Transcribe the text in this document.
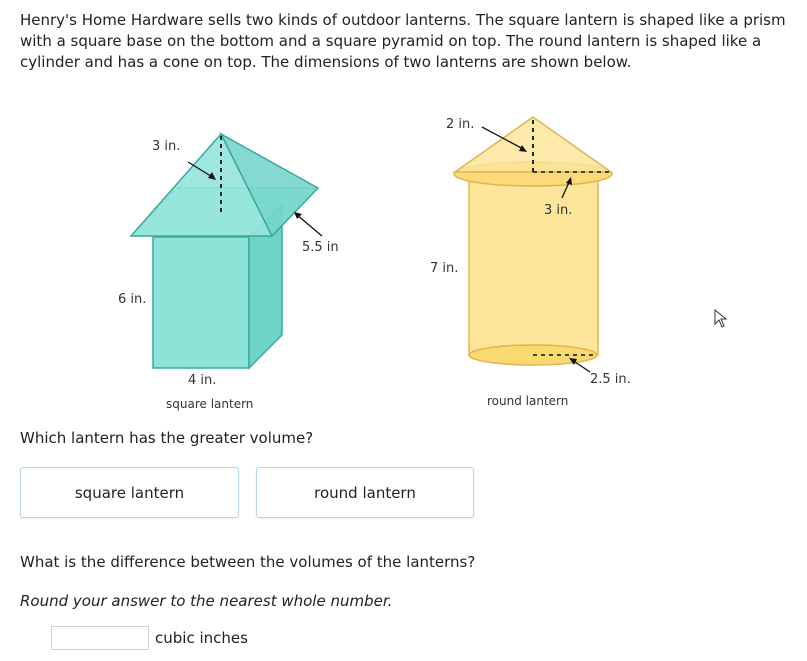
Henry's Home Hardware sells two kinds of outdoor lanterns. The square lantern is shaped like a prism with a square base on the bottom and a square pyramid on top. The round lantern is shaped like a cylinder and has a cone on top. The dimensions of two lanterns are shown below.

3 in.
5.5 in
6 in.
4 in.
square lantern
2 in.
3 in.
7 in.
2.5 in.
round lantern

Which lantern has the greater volume?

square lantern	round lantern

What is the difference between the volumes of the lanterns?

Round your answer to the nearest whole number.

cubic inches
